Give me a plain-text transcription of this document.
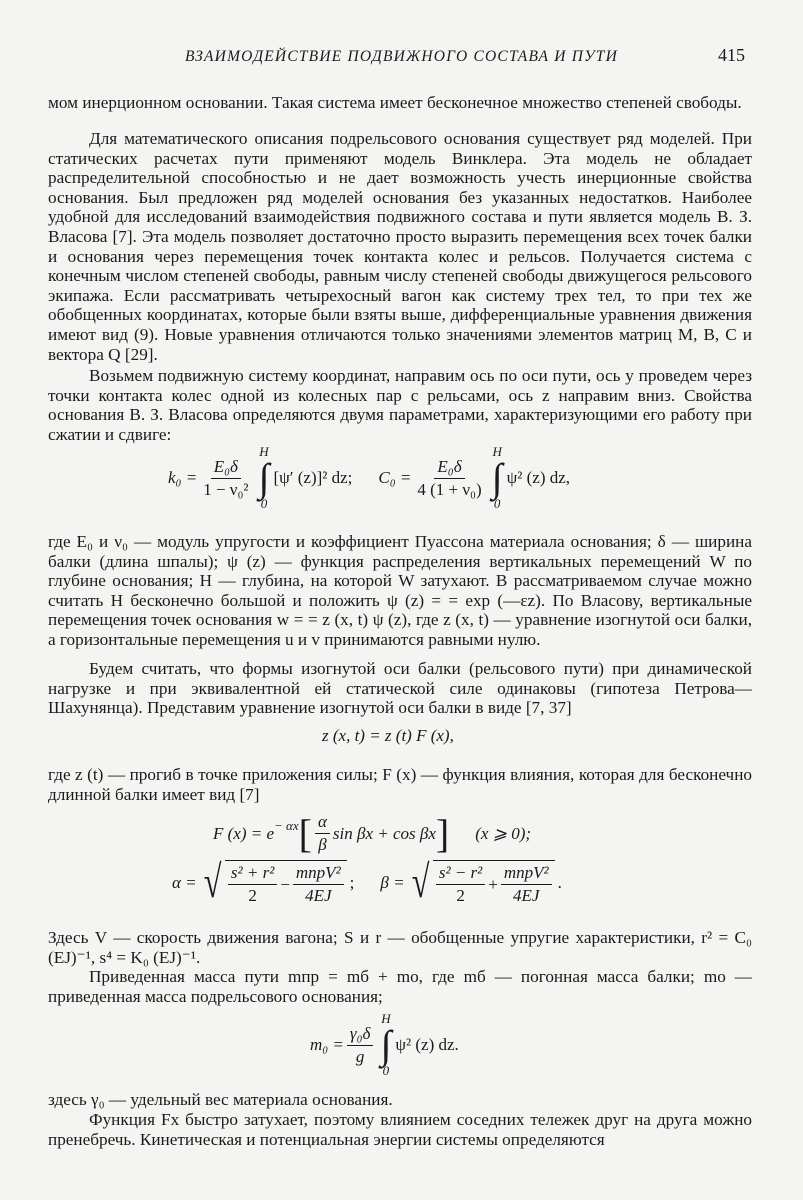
ВЗАИМОДЕЙСТВИЕ ПОДВИЖНОГО СОСТАВА И ПУТИ	415
мом инерционном основании. Такая система имеет бесконечное множество степеней свободы.
Для математического описания подрельсового основания существует ряд моделей. При статических расчетах пути применяют модель Винклера. Эта модель не обладает распределительной способностью и не дает возможность учесть инерционные свойства основания. Был предложен ряд моделей основания без указанных недостатков. Наиболее удобной для исследований взаимодействия подвижного состава и пути является модель В. З. Власова [7]. Эта модель позволяет достаточно просто выразить перемещения всех точек балки и основания через перемещения точек контакта колес и рельсов. Получается система с конечным числом степеней свободы, равным числу степеней свободы движущегося рельсового экипажа. Если рассматривать четырехосный вагон как систему трех тел, то при тех же обобщенных координатах, которые были взяты выше, дифференциальные уравнения движения имеют вид (9). Новые уравнения отличаются только значениями элементов матриц M, B, C и вектора Q [29].
Возьмем подвижную систему координат, направим ось по оси пути, ось y проведем через точки контакта колес одной из колесных пар с рельсами, ось z направим вниз. Свойства основания В. З. Власова определяются двумя параметрами, характеризующими его работу при сжатии и сдвиге:
$k_0 = \frac{\text{E₀δ}}{\text{1 − ν₀²}}$
H
∫
0
[ψ′ (z)]² dz; $C_0 = \frac{\text{E₀δ}}{\text{4 (1 + ν₀)}}$
H
∫
0
ψ² (z) dz,
где E₀ и ν₀ — модуль упругости и коэффициент Пуассона материала основания; δ — ширина балки (длина шпалы); ψ (z) — функция распределения вертикальных перемещений W по глубине основания; H — глубина, на которой W затухают. В рассматриваемом случае можно считать H бесконечно большой и положить ψ (z) = = exp (—εz). По Власову, вертикальные перемещения точек основания w = = z (x, t) ψ (z), где z (x, t) — уравнение изогнутой оси балки, а горизонтальные перемещения u и v принимаются равными нулю.
Будем считать, что формы изогнутой оси балки (рельсового пути) при динамической нагрузке и при эквивалентной ей статической силе одинаковы (гипотеза Петрова—Шахунянца). Представим уравнение изогнутой оси балки в виде [7, 37]
z (x, t) = z (t) F (x),
где z (t) — прогиб в точке приложения силы; F (x) — функция влияния, которая для бесконечно длинной балки имеет вид [7]
F $(x) = e^{- \alpha x}$ [ $\frac{\alpha}{\beta}$ sin βx + cos βx ] (x ⩾ 0);
α = √ $\frac{\text{s² + r²}}{2} - \frac{\text{mпрV²}}{4EJ}$ ; β = √ $\frac{\text{s² − r²}}{2} + \frac{\text{mпрV²}}{4EJ}$ .
Здесь V — скорость движения вагона; S и r — обобщенные упругие характеристики, r² = C₀ (EJ)⁻¹, s⁴ = K₀ (EJ)⁻¹.
Приведенная масса пути mпр = mб + mо, где mб — погонная масса балки; mо — приведенная масса подрельсового основания;
$m_0 = \frac{\text{γ₀δ}}{g}$
H
∫
0
ψ² (z) dz.
здесь γ₀ — удельный вес материала основания.
Функция Fx быстро затухает, поэтому влиянием соседних тележек друг на друга можно пренебречь. Кинетическая и потенциальная энергии системы определяются
